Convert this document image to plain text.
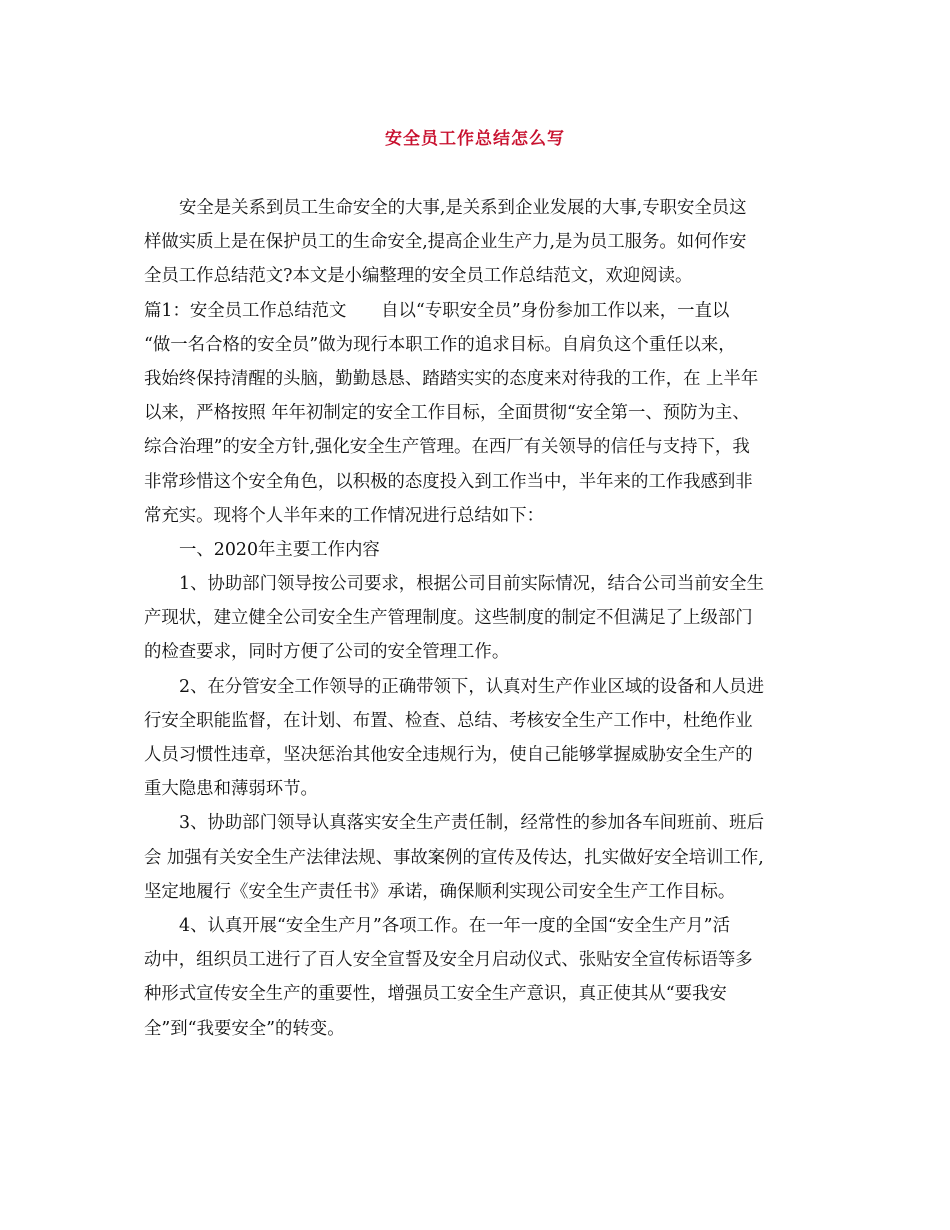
安全员工作总结怎么写
安全是关系到员工生命安全的大事,是关系到企业发展的大事,专职安全员这
样做实质上是在保护员工的生命安全,提高企业生产力,是为员工服务。如何作安
全员工作总结范文?本文是小编整理的安全员工作总结范文，欢迎阅读。
篇1：安全员工作总结范文　　自以“专职安全员”身份参加工作以来，一直以
“做一名合格的安全员”做为现行本职工作的追求目标。自肩负这个重任以来，
我始终保持清醒的头脑，勤勤恳恳、踏踏实实的态度来对待我的工作，在 上半年
以来，严格按照 年年初制定的安全工作目标，全面贯彻“安全第一、预防为主、
综合治理”的安全方针,强化安全生产管理。在西厂有关领导的信任与支持下，我
非常珍惜这个安全角色，以积极的态度投入到工作当中，半年来的工作我感到非
常充实。现将个人半年来的工作情况进行总结如下：
一、2020年主要工作内容
1、协助部门领导按公司要求，根据公司目前实际情况，结合公司当前安全生
产现状，建立健全公司安全生产管理制度。这些制度的制定不但满足了上级部门
的检查要求，同时方便了公司的安全管理工作。
2、在分管安全工作领导的正确带领下，认真对生产作业区域的设备和人员进
行安全职能监督，在计划、布置、检查、总结、考核安全生产工作中，杜绝作业
人员习惯性违章，坚决惩治其他安全违规行为，使自己能够掌握威胁安全生产的
重大隐患和薄弱环节。
3、协助部门领导认真落实安全生产责任制，经常性的参加各车间班前、班后
会 加强有关安全生产法律法规、事故案例的宣传及传达，扎实做好安全培训工作,
坚定地履行《安全生产责任书》承诺，确保顺利实现公司安全生产工作目标。
4、认真开展“安全生产月”各项工作。在一年一度的全国“安全生产月”活
动中，组织员工进行了百人安全宣誓及安全月启动仪式、张贴安全宣传标语等多
种形式宣传安全生产的重要性，增强员工安全生产意识，真正使其从“要我安
全”到“我要安全”的转变。
